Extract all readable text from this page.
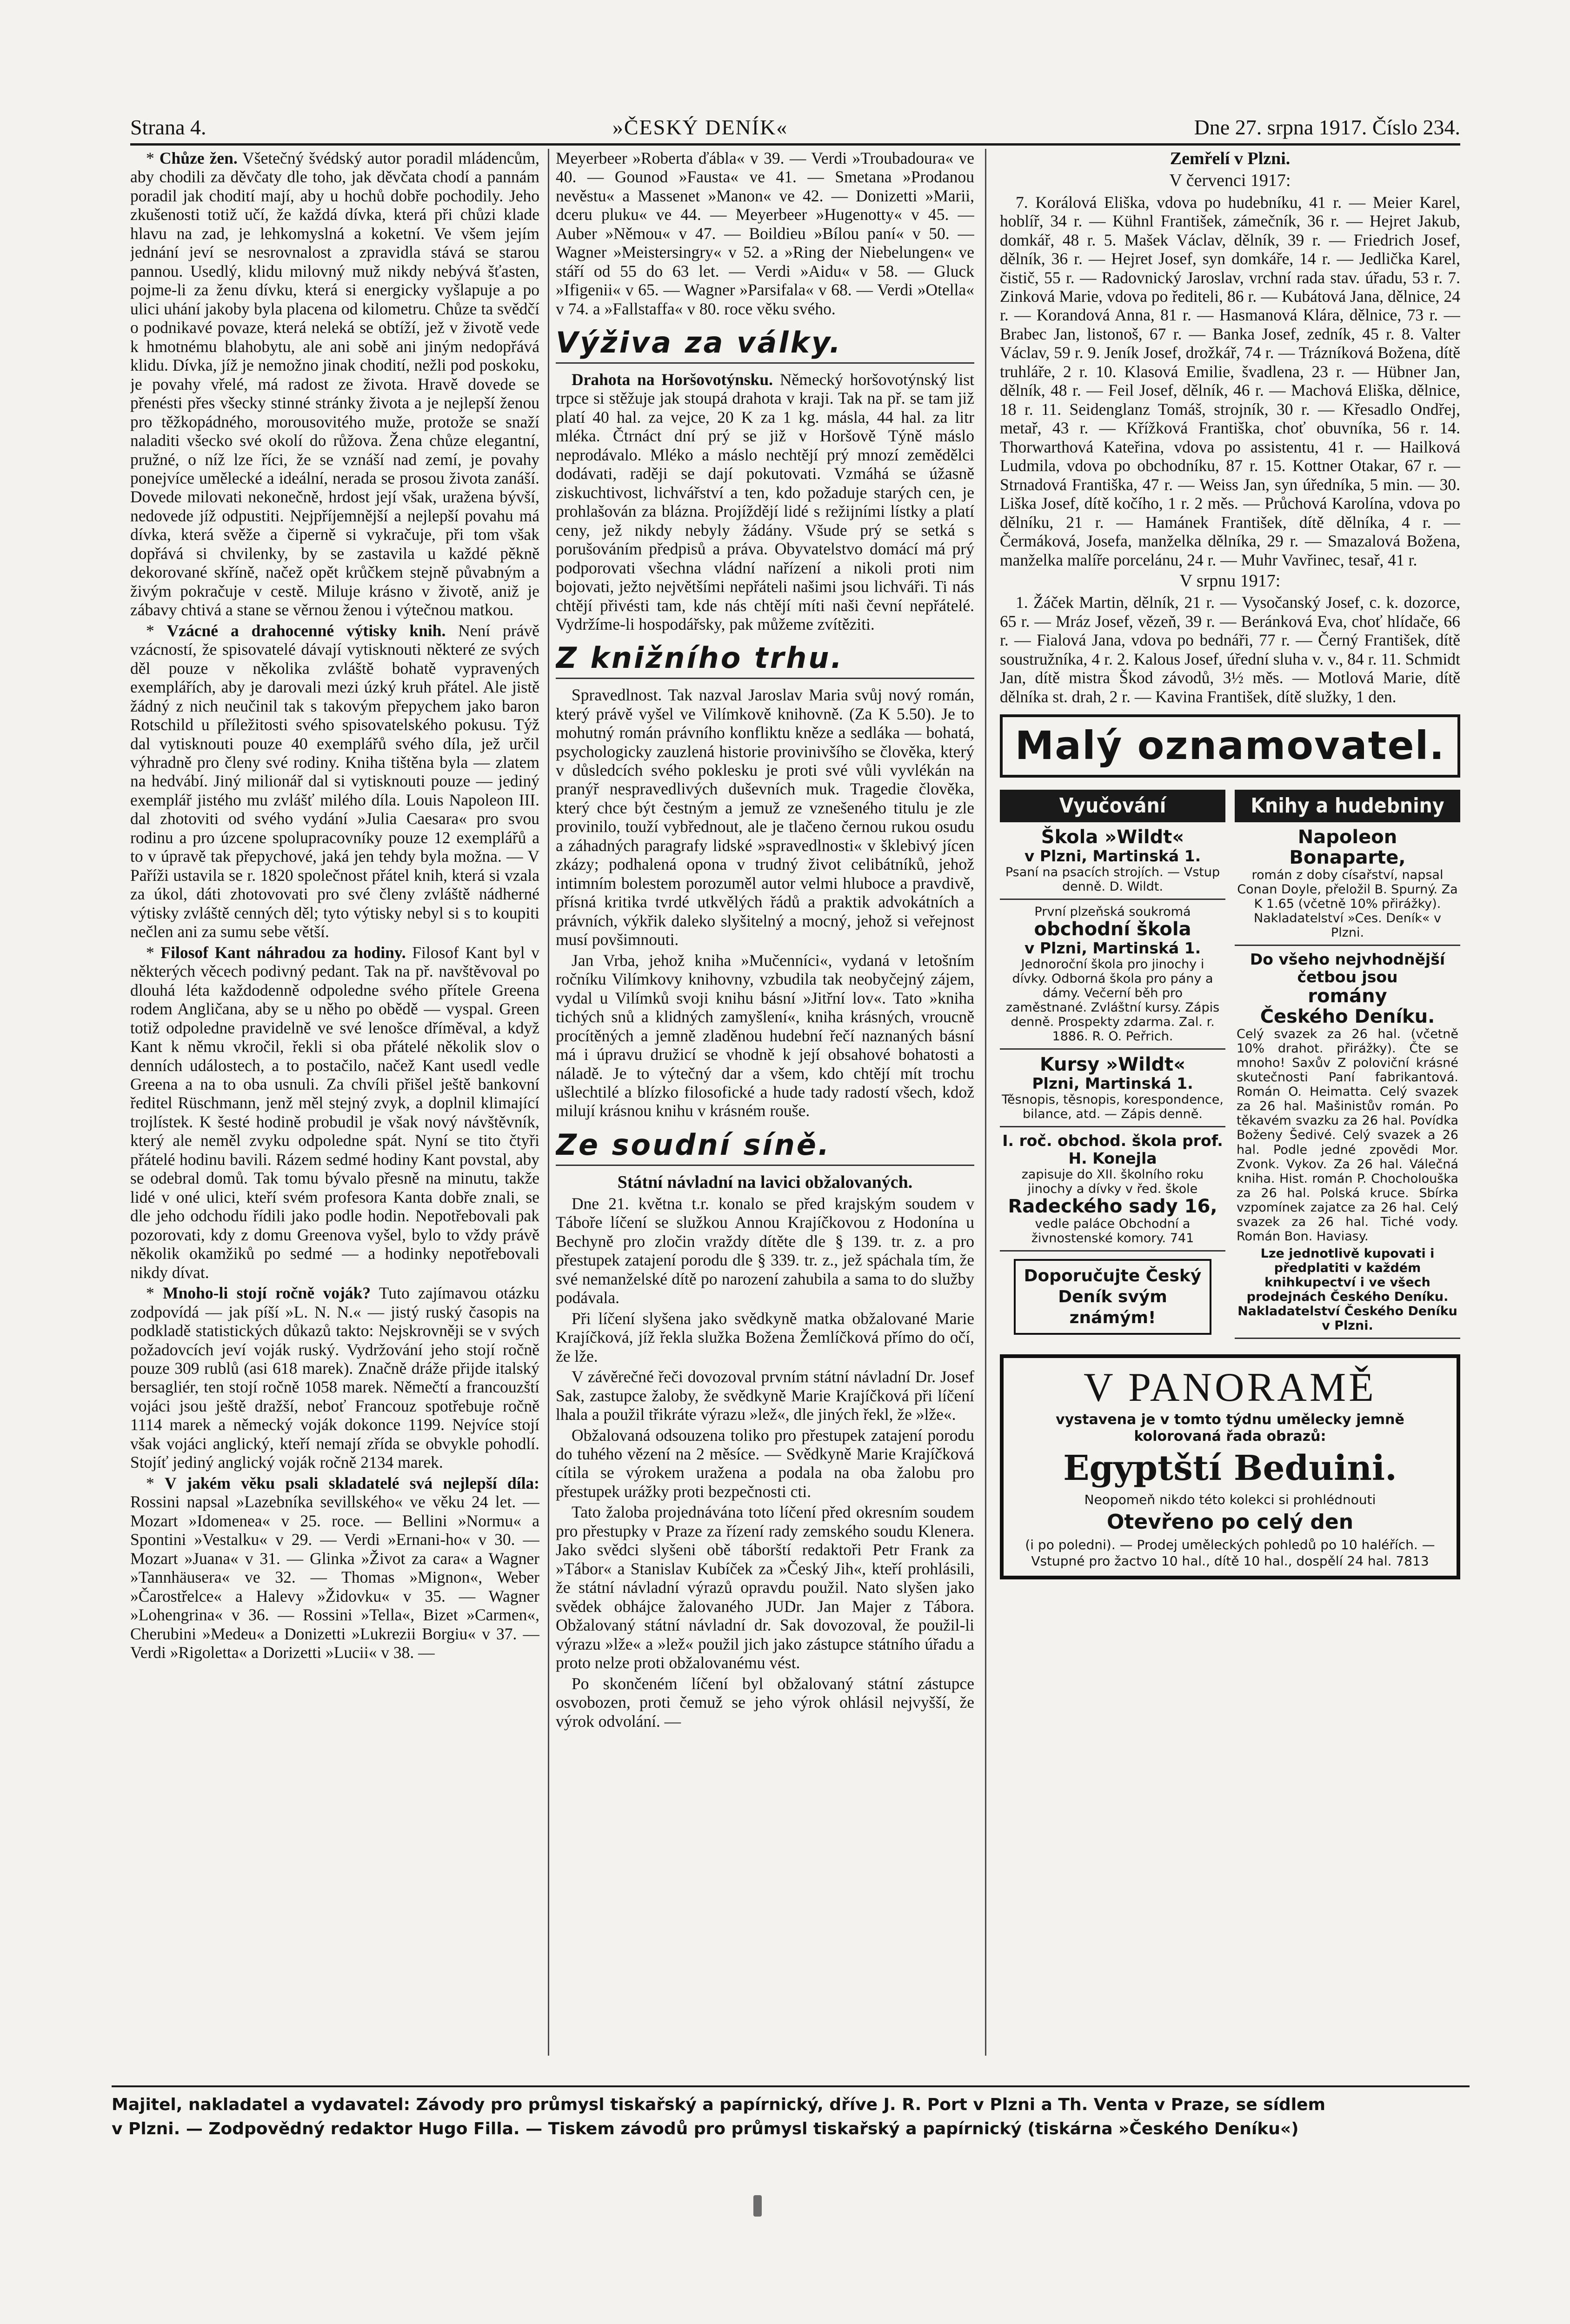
Strana 4.	»ČESKÝ DENÍK«	Dne 27. srpna 1917. Číslo 234.

* Chůze žen. Všetečný švédský autor poradil mládencům, aby chodili za děvčaty dle toho, jak děvčata chodí a pannám poradil jak chodití mají, aby u hochů dobře pochodily. Jeho zkušenosti totiž učí, že každá dívka, která při chůzi klade hlavu na zad, je lehkomyslná a koketní. Ve všem jejím jednání jeví se nesrovnalost a zpravidla stává se starou pannou. Usedlý, klidu milovný muž nikdy nebývá šťasten, pojme-li za ženu dívku, která si energicky vyšlapuje a po ulici uhání jakoby byla placena od kilometru. Chůze ta svědčí o podnikavé povaze, která neleká se obtíží, jež v životě vede k hmotnému blahobytu, ale ani sobě ani jiným nedopřává klidu. Dívka, jíž je nemožno jinak chodití, nežli pod poskoku, je povahy vřelé, má radost ze života. Hravě dovede se přenésti přes všecky stinné stránky života a je nejlepší ženou pro těžkopádného, morousovitého muže, protože se snaží naladiti všecko své okolí do růžova. Žena chůze elegantní, pružné, o níž lze říci, že se vznáší nad zemí, je povahy ponejvíce umělecké a ideální, nerada se prosou života zanáší. Dovede milovati nekonečně, hrdost její však, uražena bývší, nedovede jíž odpustiti. Nejpříjemnější a nejlepší povahu má dívka, která svěže a čiperně si vykračuje, při tom však dopřává si chvilenky, by se zastavila u každé pěkně dekorované skříně, načež opět krůčkem stejně půvabným a živým pokračuje v cestě. Miluje krásno v životě, aniž je zábavy chtivá a stane se věrnou ženou i výtečnou matkou.

* Vzácné a drahocenné výtisky knih. Není právě vzácností, že spisovatelé dávají vytisknouti některé ze svých děl pouze v několika zvláště bohatě vypravených exemplářích, aby je darovali mezi úzký kruh přátel. Ale jistě žádný z nich neučinil tak s takovým přepychem jako baron Rotschild u příležitosti svého spisovatelského pokusu. Týž dal vytisknouti pouze 40 exemplářů svého díla, jež určil výhradně pro členy své rodiny. Kniha tištěna byla — zlatem na hedvábí. Jiný milionář dal si vytisknouti pouze — jediný exemplář jistého mu zvlášť milého díla. Louis Napoleon III. dal zhotoviti od svého vydání »Julia Caesara« pro svou rodinu a pro úzcene spolupracovníky pouze 12 exemplářů a to v úpravě tak přepychové, jaká jen tehdy byla možna. — V Paříži ustavila se r. 1820 společnost přátel knih, která si vzala za úkol, dáti zhotovovati pro své členy zvláště nádherné výtisky zvláště cenných děl; tyto výtisky nebyl si s to koupiti nečlen ani za sumu sebe větší.

* Filosof Kant náhradou za hodiny. Filosof Kant byl v některých věcech podivný pedant. Tak na př. navštěvoval po dlouhá léta každodenně odpoledne svého přítele Greena rodem Angličana, aby se u něho po obědě — vyspal. Green totiž odpoledne pravidelně ve své lenošce dříměval, a když Kant k němu vkročil, řekli si oba přátelé několik slov o denních událostech, a to postačilo, načež Kant usedl vedle Greena a na to oba usnuli. Za chvíli přišel ještě bankovní ředitel Rüschmann, jenž měl stejný zvyk, a doplnil klimající trojlístek. K šesté hodině probudil je však nový návštěvník, který ale neměl zvyku odpoledne spát. Nyní se tito čtyři přátelé hodinu bavili. Rázem sedmé hodiny Kant povstal, aby se odebral domů. Tak tomu bývalo přesně na minutu, takže lidé v oné ulici, kteří svém profesora Kanta dobře znali, se dle jeho odchodu řídili jako podle hodin. Nepotřebovali pak pozorovati, kdy z domu Greenova vyšel, bylo to vždy právě několik okamžiků po sedmé — a hodinky nepotřebovali nikdy dívat.

* Mnoho-li stojí ročně voják? Tuto zajímavou otázku zodpovídá — jak píší »L. N. N.« — jistý ruský časopis na podkladě statistických důkazů takto: Nejskrovněji se v svých požadovcích jeví voják ruský. Vydržování jeho stojí ročně pouze 309 rublů (asi 618 marek). Značně dráže přijde italský bersagliér, ten stojí ročně 1058 marek. Němečtí a francouzští vojáci jsou ještě dražší, neboť Francouz spotřebuje ročně 1114 marek a německý voják dokonce 1199. Nejvíce stojí však vojáci anglický, kteří nemají zřída se obvykle pohodlí. Stojíť jediný anglický voják ročně 2134 marek.

* V jakém věku psali skladatelé svá nejlepší díla: Rossini napsal »Lazebníka sevillského« ve věku 24 let. — Mozart »Idomenea« v 25. roce. — Bellini »Normu« a Spontini »Vestalku« v 29. — Verdi »Ernani-ho« v 30. — Mozart »Juana« v 31. — Glinka »Život za cara« a Wagner »Tannhäusera« ve 32. — Thomas »Mignon«, Weber »Čarostřelce« a Halevy »Židovku« v 35. — Wagner »Lohengrina« v 36. — Rossini »Tella«, Bizet »Carmen«, Cherubini »Medeu« a Donizetti »Lukrezii Borgiu« v 37. — Verdi »Rigoletta« a Dorizetti »Lucii« v 38. —

Meyerbeer »Roberta ďábla« v 39. — Verdi »Troubadoura« ve 40. — Gounod »Fausta« ve 41. — Smetana »Prodanou nevěstu« a Massenet »Manon« ve 42. — Donizetti »Marii, dceru pluku« ve 44. — Meyerbeer »Hugenotty« v 45. — Auber »Němou« v 47. — Boildieu »Bílou paní« v 50. — Wagner »Meistersingry« v 52. a »Ring der Niebelungen« ve stáří od 55 do 63 let. — Verdi »Aidu« v 58. — Gluck »Ifigenii« v 65. — Wagner »Parsifala« v 68. — Verdi »Otella« v 74. a »Fallstaffa« v 80. roce věku svého.

Výživa za války.

Drahota na Horšovotýnsku. Německý horšovotýnský list trpce si stěžuje jak stoupá drahota v kraji. Tak na př. se tam již platí 40 hal. za vejce, 20 K za 1 kg. másla, 44 hal. za litr mléka. Čtrnáct dní prý se již v Horšově Týně máslo neprodávalo. Mléko a máslo nechtějí prý mnozí zemědělci dodávati, raději se dají pokutovati. Vzmáhá se úžasně ziskuchtivost, lichvářství a ten, kdo požaduje starých cen, je prohlašován za blázna. Projíždějí lidé s režijními lístky a platí ceny, jež nikdy nebyly žádány. Všude prý se setká s porušováním předpisů a práva. Obyvatelstvo domácí má prý podporovati všechna vládní nařízení a nikoli proti nim bojovati, ježto největšími nepřáteli našimi jsou lichváři. Ti nás chtějí přivésti tam, kde nás chtějí míti naši čevní nepřátelé. Vydržíme-li hospodářsky, pak můžeme zvítěziti.

Z knižního trhu.

Spravedlnost. Tak nazval Jaroslav Maria svůj nový román, který právě vyšel ve Vilímkově knihovně. (Za K 5.50). Je to mohutný román právního konfliktu kněze a sedláka — bohatá, psychologicky zauzlená historie provinivšího se člověka, který v důsledcích svého poklesku je proti své vůli vyvlékán na pranýř nespravedlivých duševních muk. Tragedie člověka, který chce být čestným a jemuž ze vznešeného titulu je zle provinilo, touží vybřednout, ale je tlačeno černou rukou osudu a záhadných paragrafy lidské »spravedlnosti« v šklebivý jícen zkázy; podhalená opona v trudný život celibátníků, jehož intimním bolestem porozuměl autor velmi hluboce a pravdivě, přísná kritika tvrdé utkvělých řádů a praktik advokátních a právních, výkřik daleko slyšitelný a mocný, jehož si veřejnost musí povšimnouti.

Jan Vrba, jehož kniha »Mučenníci«, vydaná v letošním ročníku Vilímkovy knihovny, vzbudila tak neobyčejný zájem, vydal u Vilímků svoji knihu básní »Jitřní lov«. Tato »kniha tichých snů a klidných zamyšlení«, kniha krásných, vroucně procítěných a jemně zladěnou hudební řečí naznaných básní má i úpravu družicí se vhodně k její obsahové bohatosti a náladě. Je to výtečný dar a všem, kdo chtějí mít trochu ušlechtilé a blízko filosofické a hude tady radostí všech, kdož milují krásnou knihu v krásném rouše.

Ze soudní síně.

Státní návladní na lavici obžalovaných.

Dne 21. května t.r. konalo se před krajským soudem v Táboře líčení se služkou Annou Krajíčkovou z Hodonína u Bechyně pro zločin vraždy dítěte dle § 139. tr. z. a pro přestupek zatajení porodu dle § 339. tr. z., jež spáchala tím, že své nemanželské dítě po narození zahubila a sama to do služby podávala.

Při líčení slyšena jako svědkyně matka obžalované Marie Krajíčková, jíž řekla služka Božena Žemlíčková přímo do očí, že lže.

V závěrečné řeči dovozoval prvním státní návladní Dr. Josef Sak, zastupce žaloby, že svědkyně Marie Krajíčková při líčení lhala a použil třikráte výrazu »lež«, dle jiných řekl, že »lže«.

Obžalovaná odsouzena toliko pro přestupek zatajení porodu do tuhého vězení na 2 měsíce. — Svědkyně Marie Krajíčková cítila se výrokem uražena a podala na oba žalobu pro přestupek urážky proti bezpečnosti cti.

Tato žaloba projednávána toto líčení před okresním soudem pro přestupky v Praze za řízení rady zemského soudu Klenera. Jako svědci slyšeni obě táborští redaktoři Petr Frank za »Tábor« a Stanislav Kubíček za »Český Jih«, kteří prohlásili, že státní návladní výrazů opravdu použil. Nato slyšen jako svědek obhájce žalovaného JUDr. Jan Majer z Tábora. Obžalovaný státní návladní dr. Sak dovozoval, že použil-li výrazu »lže« a »lež« použil jich jako zástupce státního úřadu a proto nelze proti obžalovanému vést.

Po skončeném líčení byl obžalovaný státní zástupce osvobozen, proti čemuž se jeho výrok ohlásil nejvyšší, že výrok odvolání. —

Zemřelí v Plzni.

V červenci 1917:

7. Korálová Eliška, vdova po hudebníku, 41 r. — Meier Karel, hoblíř, 34 r. — Kühnl František, zámečník, 36 r. — Hejret Jakub, domkář, 48 r. 5. Mašek Václav, dělník, 39 r. — Friedrich Josef, dělník, 36 r. — Hejret Josef, syn domkáře, 14 r. — Jedlička Karel, čistič, 55 r. — Radovnický Jaroslav, vrchní rada stav. úřadu, 53 r. 7. Zinková Marie, vdova po řediteli, 86 r. — Kubátová Jana, dělnice, 24 r. — Korandová Anna, 81 r. — Hasmanová Klára, dělnice, 73 r. — Brabec Jan, listonoš, 67 r. — Banka Josef, zedník, 45 r. 8. Valter Václav, 59 r. 9. Jeník Josef, drožkář, 74 r. — Trázníková Božena, dítě truhláře, 2 r. 10. Klasová Emilie, švadlena, 23 r. — Hübner Jan, dělník, 48 r. — Feil Josef, dělník, 46 r. — Machová Eliška, dělnice, 18 r. 11. Seidenglanz Tomáš, strojník, 30 r. — Křesadlo Ondřej, metař, 43 r. — Křížková Františka, choť obuvníka, 56 r. 14. Thorwarthová Kateřina, vdova po assistentu, 41 r. — Hailková Ludmila, vdova po obchodníku, 87 r. 15. Kottner Otakar, 67 r. — Strnadová Františka, 47 r. — Weiss Jan, syn úředníka, 5 min. — 30. Liška Josef, dítě kočího, 1 r. 2 měs. — Průchová Karolína, vdova po dělníku, 21 r. — Hamánek František, dítě dělníka, 4 r. — Čermáková, Josefa, manželka dělníka, 29 r. — Smazalová Božena, manželka malíře porcelánu, 24 r. — Muhr Vavřinec, tesař, 41 r.

V srpnu 1917:

1. Žáček Martin, dělník, 21 r. — Vysočanský Josef, c. k. dozorce, 65 r. — Mráz Josef, vězeň, 39 r. — Beránková Eva, choť hlídače, 66 r. — Fialová Jana, vdova po bednáři, 77 r. — Černý František, dítě soustružníka, 4 r. 2. Kalous Josef, úřední sluha v. v., 84 r. 11. Schmidt Jan, dítě mistra Škod závodů, 3½ měs. — Motlová Marie, dítě dělníka st. drah, 2 r. — Kavina František, dítě služky, 1 den.

Malý oznamovatel.
Vyučování
Škola »Wildt«
v Plzni, Martinská 1.
Psaní na psacích strojích. — Vstup denně. D. Wildt.
První plzeňská soukromá
obchodní škola
v Plzni, Martinská 1.
Jednoroční škola pro jinochy i dívky. Odborná škola pro pány a dámy. Večerní běh pro zaměstnané. Zvláštní kursy. Zápis denně. Prospekty zdarma. Zal. r. 1886. R. O. Peřrich.
Kursy »Wildt«
Plzni, Martinská 1.
Těsnopis, těsnopis, korespondence, bilance, atd. — Zápis denně.
I. roč. obchod. škola prof. H. Konejla
zapisuje do XII. školního roku jinochy a dívky v řed. škole
Radeckého sady 16,
vedle paláce Obchodní a živnostenské komory. 741
Doporučujte Český Deník svým známým!
Knihy a hudebniny
Napoleon Bonaparte,
román z doby císařství, napsal Conan Doyle, přeložil B. Spurný. Za K 1.65 (včetně 10% přirážky). Nakladatelství »Ces. Deník« v Plzni.
Do všeho nejvhodnější četbou jsou
romány
Českého Deníku.
Celý svazek za 26 hal. (včetně 10% drahot. přirážky). Čte se mnoho! Saxův Z poloviční krásné skutečnosti Paní fabrikantová. Román O. Heimatta. Celý svazek za 26 hal. Mašinistův román. Po těkavém svazku za 26 hal. Povídka Boženy Šedivé. Celý svazek a 26 hal. Podle jedné zpovědi Mor. Zvonk. Vykov. Za 26 hal. Válečná kniha. Hist. román P. Chocholouška za 26 hal. Polská kruce. Sbírka vzpomínek zajatce za 26 hal. Celý svazek za 26 hal. Tiché vody. Román Bon. Haviasy.
Lze jednotlivě kupovati i předplatiti v každém knihkupectví i ve všech prodejnách Českého Deníku. Nakladatelství Českého Deníku v Plzni.
V PANORAMĚ
vystavena je v tomto týdnu umělecky jemně kolorovaná řada obrazů:
Egyptští Beduini.
Neopomeň nikdo této kolekci si prohlédnouti
Otevřeno po celý den
(i po poledni). — Prodej uměleckých pohledů po 10 haléřích. — Vstupné pro žactvo 10 hal., dítě 10 hal., dospělí 24 hal. 7813
Majitel, nakladatel a vydavatel: Závody pro průmysl tiskařský a papírnický, dříve J. R. Port v Plzni a Th. Venta v Praze, se sídlem
v Plzni. — Zodpovědný redaktor Hugo Filla. — Tiskem závodů pro průmysl tiskařský a papírnický (tiskárna »Českého Deníku«)
